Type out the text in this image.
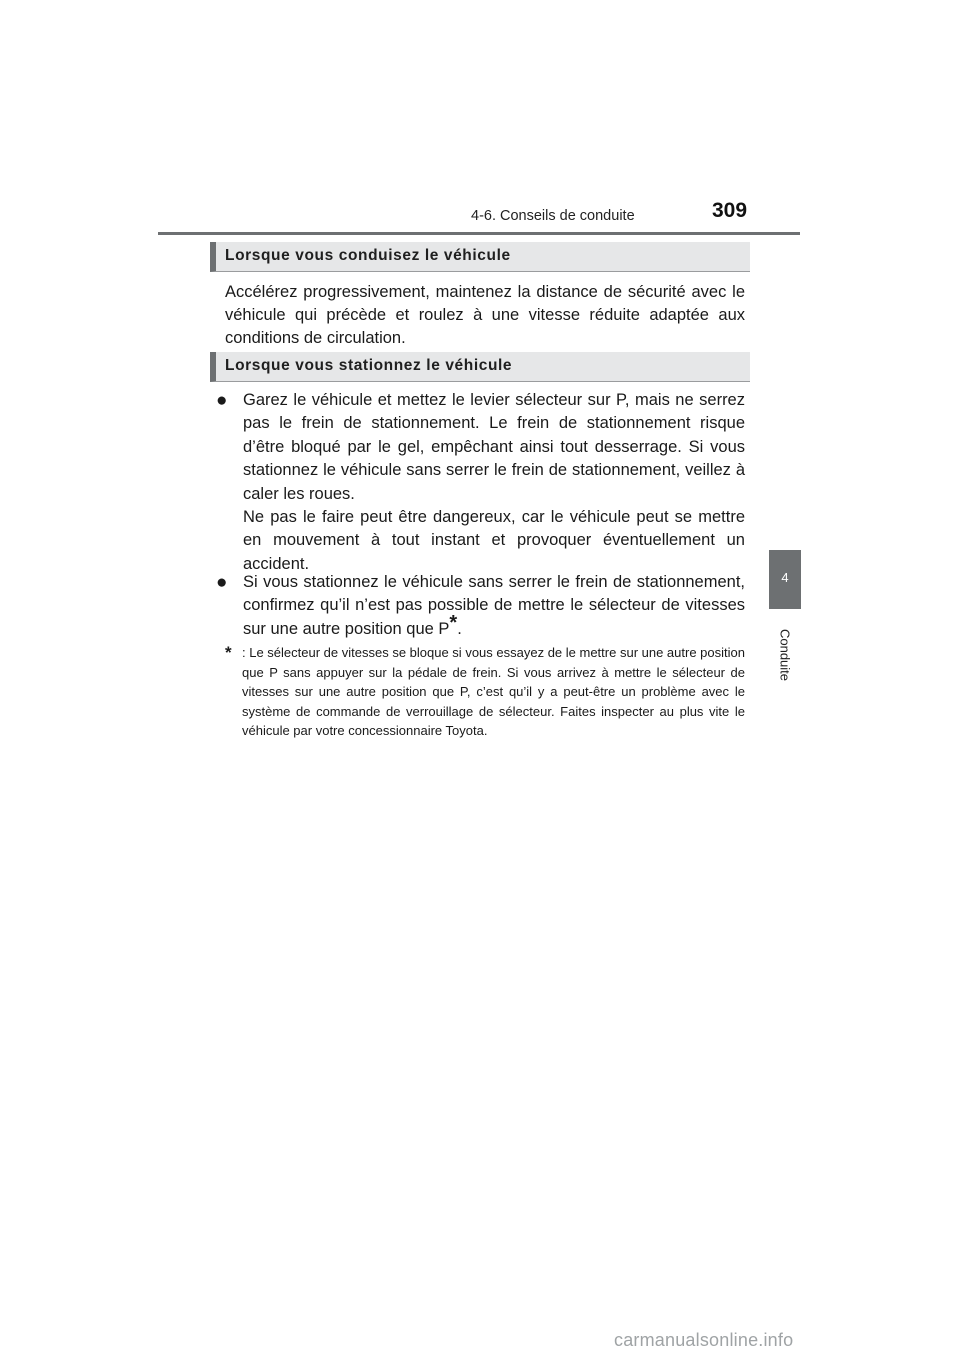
4-6. Conseils de conduite	309
4
Conduite
Lorsque vous conduisez le véhicule
Accélérez progressivement, maintenez la distance de sécurité avec le véhicule qui précède et roulez à une vitesse réduite adaptée aux conditions de circulation.
Lorsque vous stationnez le véhicule
● Garez le véhicule et mettez le levier sélecteur sur P, mais ne serrez pas le frein de stationnement. Le frein de stationnement risque d’être bloqué par le gel, empêchant ainsi tout desserrage. Si vous stationnez le véhicule sans serrer le frein de stationnement, veillez à caler les roues.

Ne pas le faire peut être dangereux, car le véhicule peut se mettre en mouvement à tout instant et provoquer éventuellement un accident.

● Si vous stationnez le véhicule sans serrer le frein de stationnement, confirmez qu’il n’est pas possible de mettre le sélecteur de vitesses sur une autre position que P*.

* : Le sélecteur de vitesses se bloque si vous essayez de le mettre sur une autre position que P sans appuyer sur la pédale de frein. Si vous arrivez à mettre le sélecteur de vitesses sur une autre position que P, c’est qu’il y a peut-être un problème avec le système de commande de verrouillage de sélecteur. Faites inspecter au plus vite le véhicule par votre concessionnaire Toyota.
carmanualsonline.info
